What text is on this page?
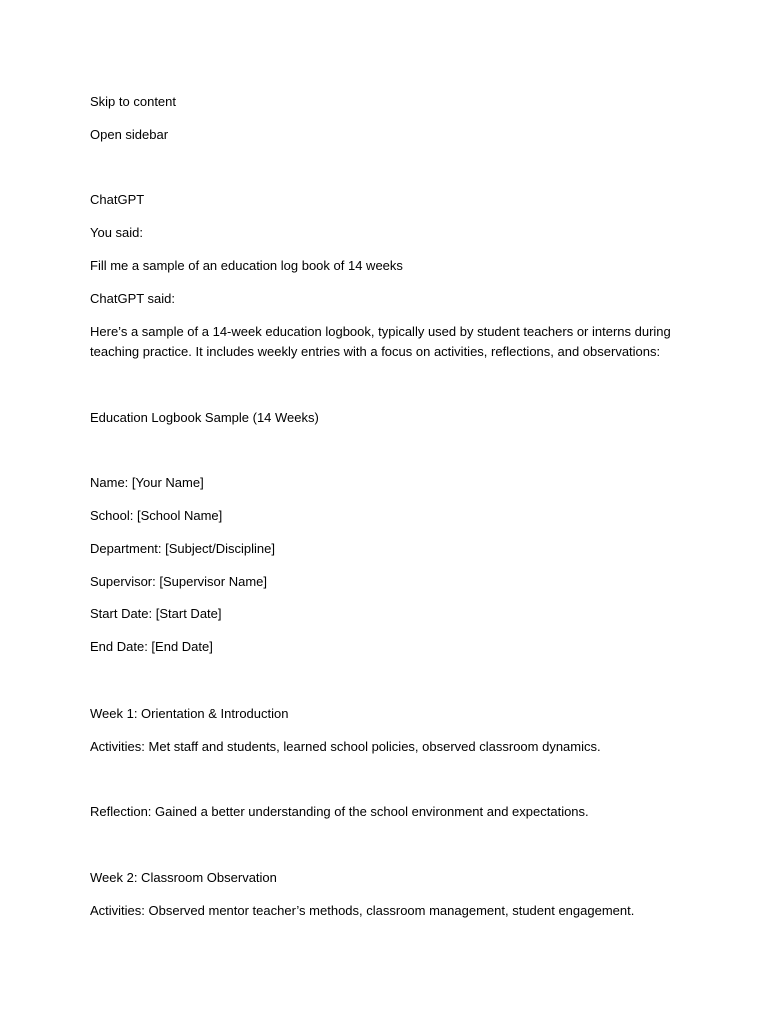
Skip to content
Open sidebar
ChatGPT
You said:
Fill me a sample of an education log book of 14 weeks
ChatGPT said:
Here’s a sample of a 14-week education logbook, typically used by student teachers or interns during teaching practice. It includes weekly entries with a focus on activities, reflections, and observations:
Education Logbook Sample (14 Weeks)
Name: [Your Name]
School: [School Name]
Department: [Subject/Discipline]
Supervisor: [Supervisor Name]
Start Date: [Start Date]
End Date: [End Date]
Week 1: Orientation & Introduction
Activities: Met staff and students, learned school policies, observed classroom dynamics.
Reflection: Gained a better understanding of the school environment and expectations.
Week 2: Classroom Observation
Activities: Observed mentor teacher’s methods, classroom management, student engagement.
